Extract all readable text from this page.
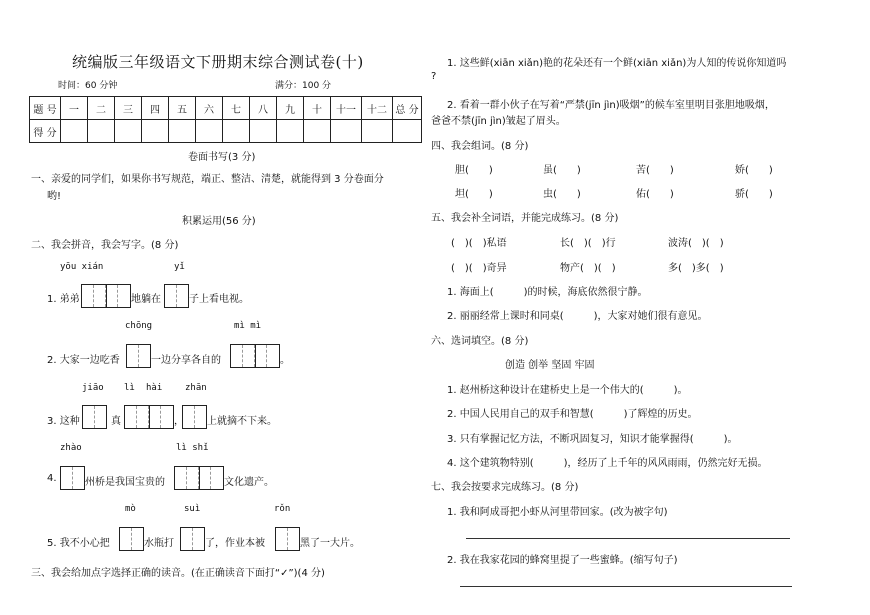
统编版三年级语文下册期末综合测试卷(十)
时间：60 分钟	满分：100 分
题 号	一	二	三	四	五	六	七	八	九	十	十一	十二	总 分
得 分													
卷面书写(3 分)
一、亲爱的同学们，如果你书写规范，端正、整洁、清楚，就能得到 3 分卷面分
哟!
积累运用(56 分)
二、我会拼音，我会写字。(8 分)
yōu xián	yǐ
1. 弟弟	地躺在	子上看电视。
chōng	mì mì
2. 大家一边吃香	一边分享各自的	。
jiāo lì hài	zhān
3. 这种	真	， 上就摘不下来。
zhào	lì shǐ
4.	州桥是我国宝贵的	文化遗产。
mò	suì	rǒn
5. 我不小心把	水瓶打	了，作业本被	黑了一大片。
三、我会给加点字选择正确的读音。(在正确读音下面打“✓”)(4 分)
1. 这些鲜(xiān xiǎn)艳的花朵还有一个鲜(xiān xiǎn)为人知的传说你知道吗
?
2. 看着一群小伙子在写着“严禁(jīn jìn)吸烟”的候车室里明目张胆地吸烟，
爸爸不禁(jīn jìn)皱起了眉头。
四、我会组词。(8 分)
胆(　　)	虽(　　)	苦(　　)	娇(　　)
坦(　　)	虫(　　)	佑(　　)	骄(　　)
五、我会补全词语，并能完成练习。(8 分)
(　)(　)私语	长(　)(　)行	波涛(　)(　)
(　)(　)奇异	物产(　)(　)	多(　)多(　)
1. 海面上(　　　)的时候，海底依然很宁静。
2. 丽丽经常上课时和同桌(　　　)，大家对她们很有意见。
六、选词填空。(8 分)
创造 创举 坚固 牢固
1. 赵州桥这种设计在建桥史上是一个伟大的(　　　)。
2. 中国人民用自己的双手和智慧(　　　)了辉煌的历史。
3. 只有掌握记忆方法，不断巩固复习，知识才能掌握得(　　　)。
4. 这个建筑物特别(　　　)，经历了上千年的风风雨雨，仍然完好无损。
七、我会按要求完成练习。(8 分)
1. 我和阿成哥把小虾从河里带回家。(改为被字句)
2. 我在我家花园的蜂窝里提了一些蜜蜂。(缩写句子)
